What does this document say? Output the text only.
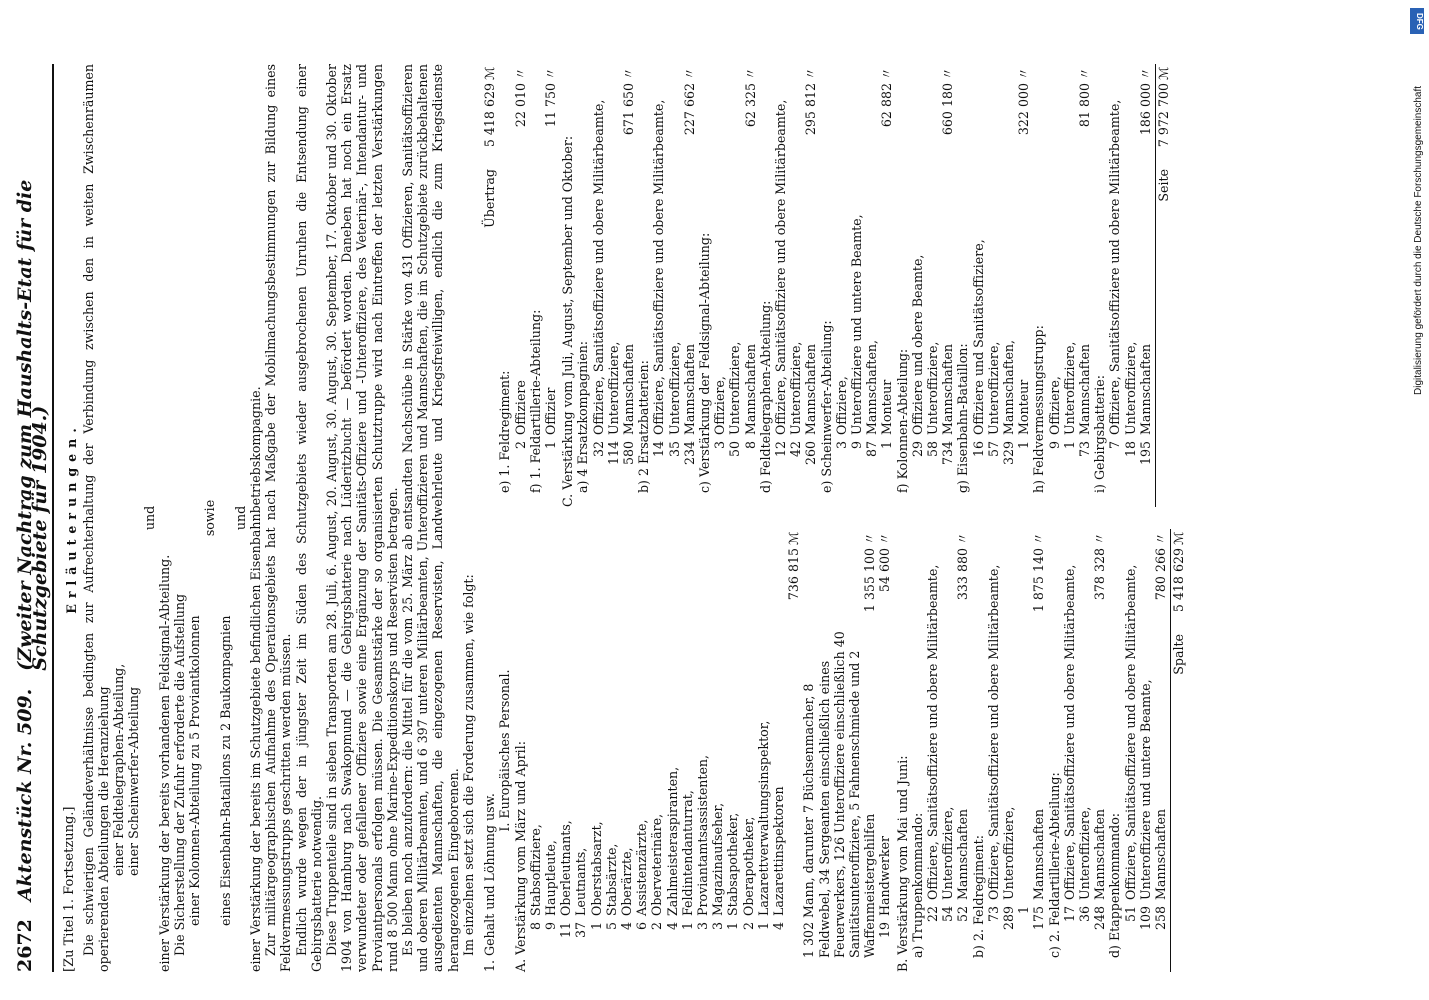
2672
Aktenstück Nr. 509.
(Zweiter Nachtrag zum Haushalts-Etat für die Schutzgebiete für 1904.)
[Zu Titel 1. Fortsetzung.]
Erläuterungen. Die schwierigen Geländeverhältnisse bedingten zur Aufrechterhaltung der Verbindung zwischen den in weiten Zwischenräumen operierenden Abteilungen die Heranziehung einer Feldtelegraphen-Abteilung, einer Scheinwerfer-Abteilung
und
einer Verstärkung der bereits vorhandenen Feldsignal-Abteilung. Die Sicherstellung der Zufuhr erforderte die Aufstellung einer Kolonnen-Abteilung zu 5 Proviantkolonnen
sowie
eines Eisenbahn-Bataillons zu 2 Baukompagnien
und einer Verstärkung der bereits im Schutzgebiete befindlichen Eisenbahnbetriebskompagnie. Zur militärgeographischen Aufnahme des Operationsgebiets hat nach Maßgabe der Mobilmachungsbestimmungen zur Bildung eines Feldvermessungstrupps geschritten werden müssen. Endlich wurde wegen der in jüngster Zeit im Süden des Schutzgebiets wieder ausgebrochenen Unruhen die Entsendung einer Gebirgsbatterie notwendig. Diese Truppenteile sind in sieben Transporten am 28. Juli, 6. August, 20. August, 30. August, 30. September, 17. Oktober und 30. Oktober 1904 von Hamburg nach Swakopmund — die Gebirgsbatterie nach Lüderitzbucht — befördert worden. Daneben hat noch ein Ersatz verwundeter oder gefallener Offiziere sowie eine Ergänzung der Sanitäts-Offiziere und -Unteroffiziere, des Veterinär-, Intendantur- und Proviantpersonals erfolgen müssen. Die Gesamtstärke der so organisierten Schutztruppe wird nach Eintreffen der letzten Verstärkungen rund 8 500 Mann ohne Marine-Expeditionskorps und Reservisten betragen. Es bleiben noch anzufordern: die Mittel für die vom 25. März ab entsandten Nachschübe in Stärke von 431 Offizieren, Sanitätsoffizieren und oberen Militärbeamten, und 6 397 unteren Militärbeamten, Unteroffizieren und Mannschaften, die im Schutzgebiete zurückbehaltenen ausgedienten Mannschaften, die eingezogenen Reservisten, Landwehrleute und Kriegsfreiwilligen, endlich die zum Kriegsdienste herangezogenen Eingeborenen. Im einzelnen setzt sich die Forderung zusammen, wie folgt: 1. Gehalt und Löhnung usw.
I. Europäisches Personal. A. Verstärkung vom März und April: 8Stabsoffiziere,
9Hauptleute,
11Oberleutnants,
37Leutnants,
1Oberstabsarzt,
5Stabsärzte,
4Oberärzte,
6Assistenzärzte,
2Oberveterinäre,
4Zahlmeisteraspiranten,
1Feldintendanturrat,
3Proviantamtsassistenten,
3Magazinaufseher,
1Stabsapotheker,
2Oberapotheker,
1Lazarettverwaltungsinspektor,
4Lazarettinspektoren
736 815
ℳ
1 302 Mann, darunter 7 Büchsenmacher, 8 Feldwebel, 34 Sergeanten einschließlich eines Feuerwerkers, 126 Unteroffiziere einschließlich 40 Sanitätsunteroffiziere, 5 Fahnenschmiede und 2 Waffenmeistergehilfen
1 355 100
〃
19Handwerker
54 600
〃
B. Verstärkung vom Mai und Juni: a) Truppenkommando: 22Offiziere, Sanitätsoffiziere und obere Militärbeamte,
54Unteroffiziere,
52Mannschaften
333 880
〃
b) 2. Feldregiment: 73Offiziere, Sanitätsoffiziere und obere Militärbeamte,
289Unteroffiziere,
1 175Mannschaften
1 875 140
〃
c) 2. Feldartillerie-Abteilung: 17Offiziere, Sanitätsoffiziere und obere Militärbeamte,
36Unteroffiziere,
248Mannschaften
378 328
〃
d) Etappenkommando: 51Offiziere, Sanitätsoffiziere und obere Militärbeamte,
109Unteroffiziere und untere Beamte,
258Mannschaften
780 266
〃
Spalte
5 418 629
ℳ
Übertrag
5 418 629
ℳ
e) 1. Feldregiment: 2Offiziere
22 010
〃
f) 1. Feldartillerie-Abteilung: 1Offizier
11 750
〃
C. Verstärkung vom Juli, August, September und Oktober: a) 4 Ersatzkompagnien: 32Offiziere, Sanitätsoffiziere und obere Militärbeamte,
114Unteroffiziere,
580Mannschaften
671 650
〃
b) 2 Ersatzbatterien: 14Offiziere, Sanitätsoffiziere und obere Militärbeamte,
35Unteroffiziere,
234Mannschaften
227 662
〃
c) Verstärkung der Feldsignal-Abteilung: 3Offiziere,
50Unteroffiziere,
8Mannschaften
62 325
〃
d) Feldtelegraphen-Abteilung: 12Offiziere, Sanitätsoffiziere und obere Militärbeamte,
42Unteroffiziere,
260Mannschaften
295 812
〃
e) Scheinwerfer-Abteilung: 3Offiziere,
9Unteroffiziere und untere Beamte,
87Mannschaften,
1Monteur
62 882
〃
f) Kolonnen-Abteilung: 29Offiziere und obere Beamte,
58Unteroffiziere,
734Mannschaften
660 180
〃
g) Eisenbahn-Bataillon: 16Offiziere und Sanitätsoffiziere,
57Unteroffiziere,
329Mannschaften,
1Monteur
322 000
〃
h) Feldvermessungstrupp: 9Offiziere,
1Unteroffiziere,
73Mannschaften
81 800
〃
i) Gebirgsbatterie: 7Offiziere, Sanitätsoffiziere und obere Militärbeamte,
18Unteroffiziere,
195Mannschaften
186 000
〃
Seite
7 972 700
ℳ
DFG
Digitalisierung gefördert durch die Deutsche Forschungsgemeinschaft
